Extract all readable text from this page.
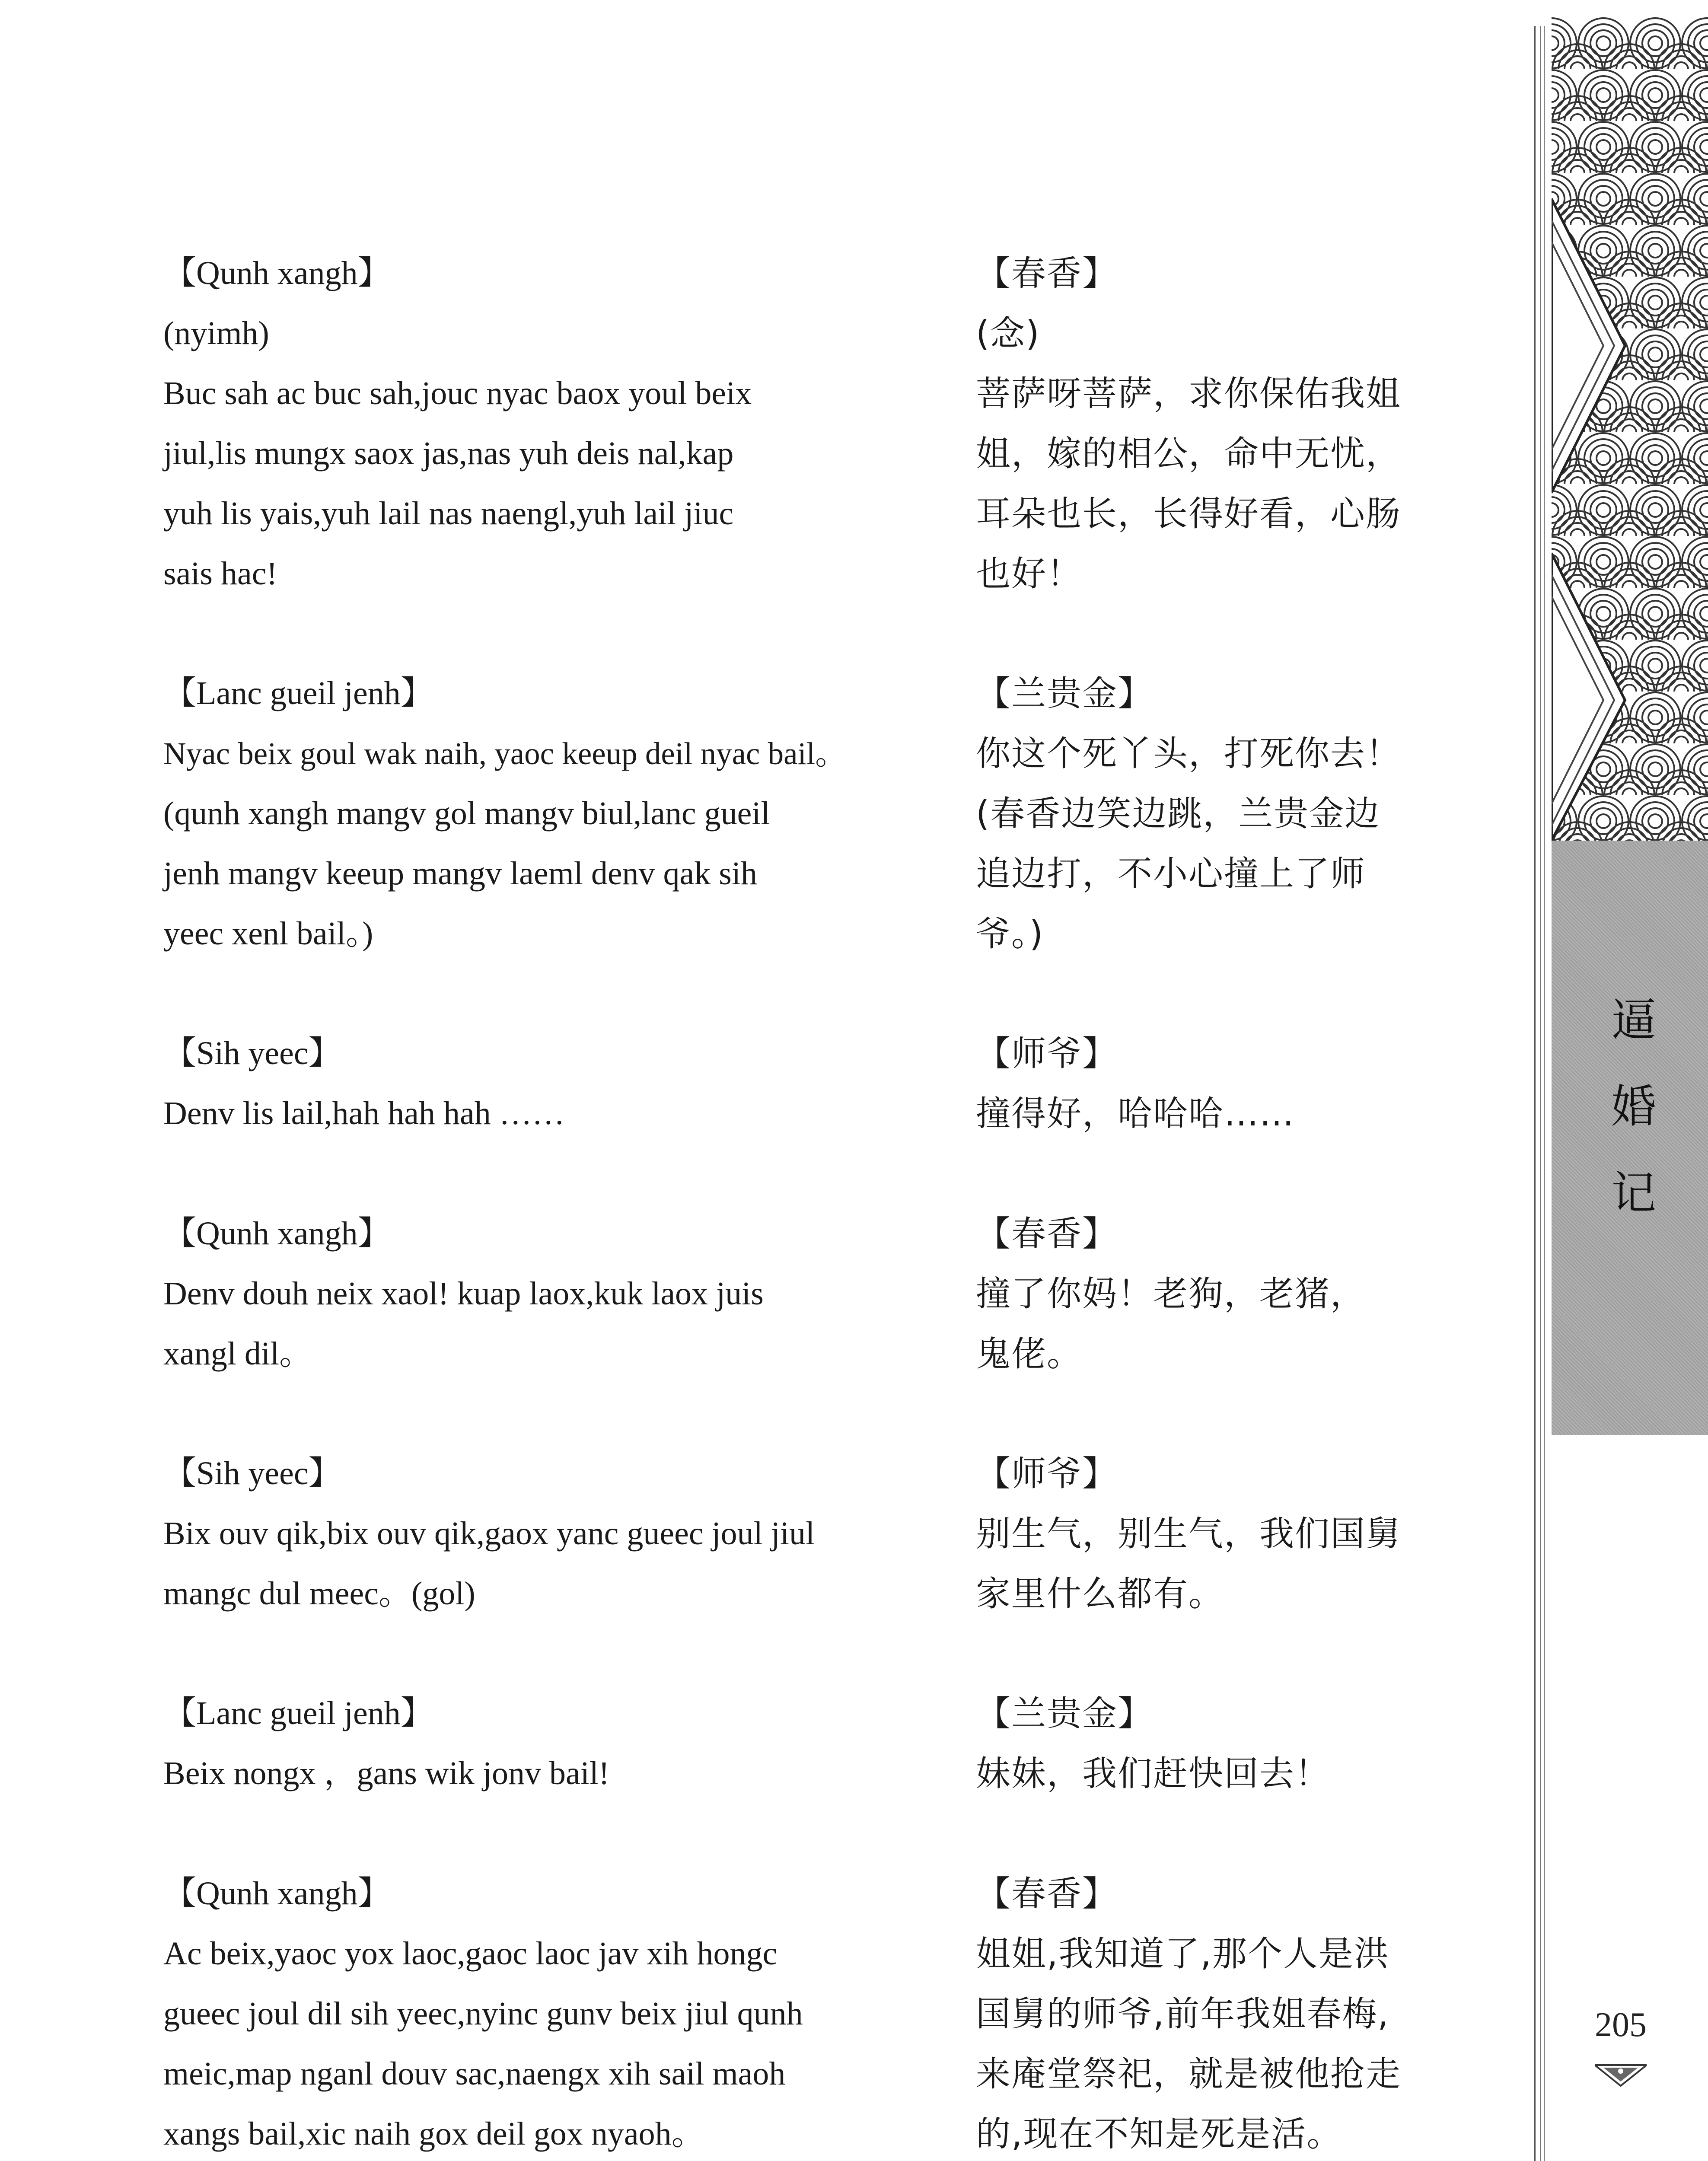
【Qunh xangh】
(nyimh)
Buc sah ac buc sah,jouc nyac baox youl beix
jiul,lis mungx saox jas,nas yuh deis nal,kap
yuh lis yais,yuh lail nas naengl,yuh lail jiuc
sais hac!
【春香】
(念)
菩萨呀菩萨，求你保佑我姐
姐，嫁的相公，命中无忧，
耳朵也长，长得好看，心肠
也好！
【Lanc gueil jenh】
Nyac beix goul wak naih, yaoc keeup deil nyac bail。
(qunh xangh mangv gol mangv biul,lanc gueil
jenh mangv keeup mangv laeml denv qak sih
yeec xenl bail。)
【兰贵金】
你这个死丫头，打死你去！
(春香边笑边跳，兰贵金边
追边打，不小心撞上了师
爷。)
【Sih yeec】
Denv lis lail,hah hah hah ……
【师爷】
撞得好，哈哈哈……
【Qunh xangh】
Denv douh neix xaol! kuap laox,kuk laox juis
xangl dil。
【春香】
撞了你妈！老狗，老猪，
鬼佬。
【Sih yeec】
Bix ouv qik,bix ouv qik,gaox yanc gueec joul jiul
mangc dul meec。(gol)
【师爷】
别生气，别生气，我们国舅
家里什么都有。
【Lanc gueil jenh】
Beix nongx ，gans wik jonv bail!
【兰贵金】
妹妹，我们赶快回去！
【Qunh xangh】
Ac beix,yaoc yox laoc,gaoc laoc jav xih hongc
gueec joul dil sih yeec,nyinc gunv beix jiul qunh
meic,map nganl douv sac,naengx xih sail maoh
xangs bail,xic naih gox deil gox nyaoh。
【春香】
姐姐,我知道了,那个人是洪
国舅的师爷,前年我姐春梅,
来庵堂祭祀，就是被他抢走
的,现在不知是死是活。
逼
婚
记
205
